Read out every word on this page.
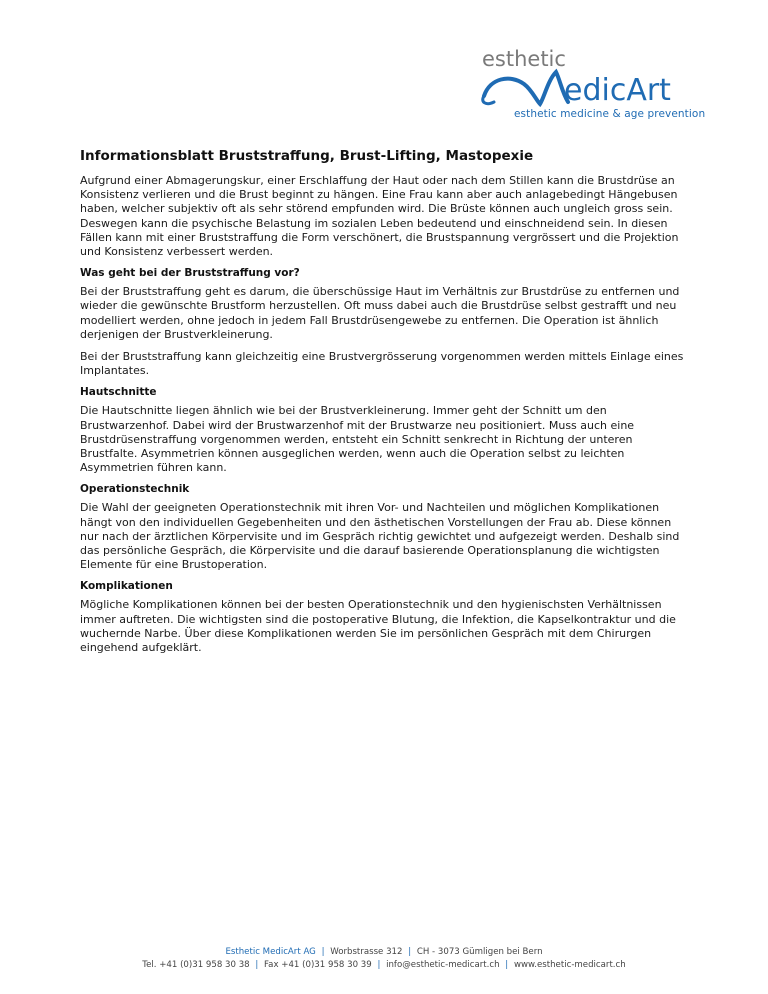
esthetic
edicArt
esthetic medicine & age prevention
Informationsblatt Bruststraffung, Brust-Lifting, Mastopexie

Aufgrund einer Abmagerungskur, einer Erschlaffung der Haut oder nach dem Stillen kann die Brustdrüse an Konsistenz verlieren und die Brust beginnt zu hängen. Eine Frau kann aber auch anlagebedingt Hängebusen haben, welcher subjektiv oft als sehr störend empfunden wird. Die Brüste können auch ungleich gross sein. Deswegen kann die psychische Belastung im sozialen Leben bedeutend und einschneidend sein. In diesen Fällen kann mit einer Bruststraffung die Form verschönert, die Brustspannung vergrössert und die Projektion und Konsistenz verbessert werden.

Was geht bei der Bruststraffung vor?

Bei der Bruststraffung geht es darum, die überschüssige Haut im Verhältnis zur Brustdrüse zu entfernen und wieder die gewünschte Brustform herzustellen. Oft muss dabei auch die Brustdrüse selbst gestrafft und neu modelliert werden, ohne jedoch in jedem Fall Brustdrüsengewebe zu entfernen. Die Operation ist ähnlich derjenigen der Brustverkleinerung.

Bei der Bruststraffung kann gleichzeitig eine Brustvergrösserung vorgenommen werden mittels Einlage eines Implantates.

Hautschnitte

Die Hautschnitte liegen ähnlich wie bei der Brustverkleinerung. Immer geht der Schnitt um den Brustwarzenhof. Dabei wird der Brustwarzenhof mit der Brustwarze neu positioniert. Muss auch eine Brustdrüsenstraffung vorgenommen werden, entsteht ein Schnitt senkrecht in Richtung der unteren Brustfalte. Asymmetrien können ausgeglichen werden, wenn auch die Operation selbst zu leichten Asymmetrien führen kann.

Operationstechnik

Die Wahl der geeigneten Operationstechnik mit ihren Vor- und Nachteilen und möglichen Komplikationen hängt von den individuellen Gegebenheiten und den ästhetischen Vorstellungen der Frau ab. Diese können nur nach der ärztlichen Körpervisite und im Gespräch richtig gewichtet und aufgezeigt werden. Deshalb sind das persönliche Gespräch, die Körpervisite und die darauf basierende Operationsplanung die wichtigsten Elemente für eine Brustoperation.

Komplikationen

Mögliche Komplikationen können bei der besten Operationstechnik und den hygienischsten Verhältnissen immer auftreten. Die wichtigsten sind die postoperative Blutung, die Infektion, die Kapselkontraktur und die wuchernde Narbe. Über diese Komplikationen werden Sie im persönlichen Gespräch mit dem Chirurgen eingehend aufgeklärt.

Esthetic MedicArt AG | Worbstrasse 312 | CH - 3073 Gümligen bei Bern
Tel. +41 (0)31 958 30 38 | Fax +41 (0)31 958 30 39 | info@esthetic-medicart.ch | www.esthetic-medicart.ch
